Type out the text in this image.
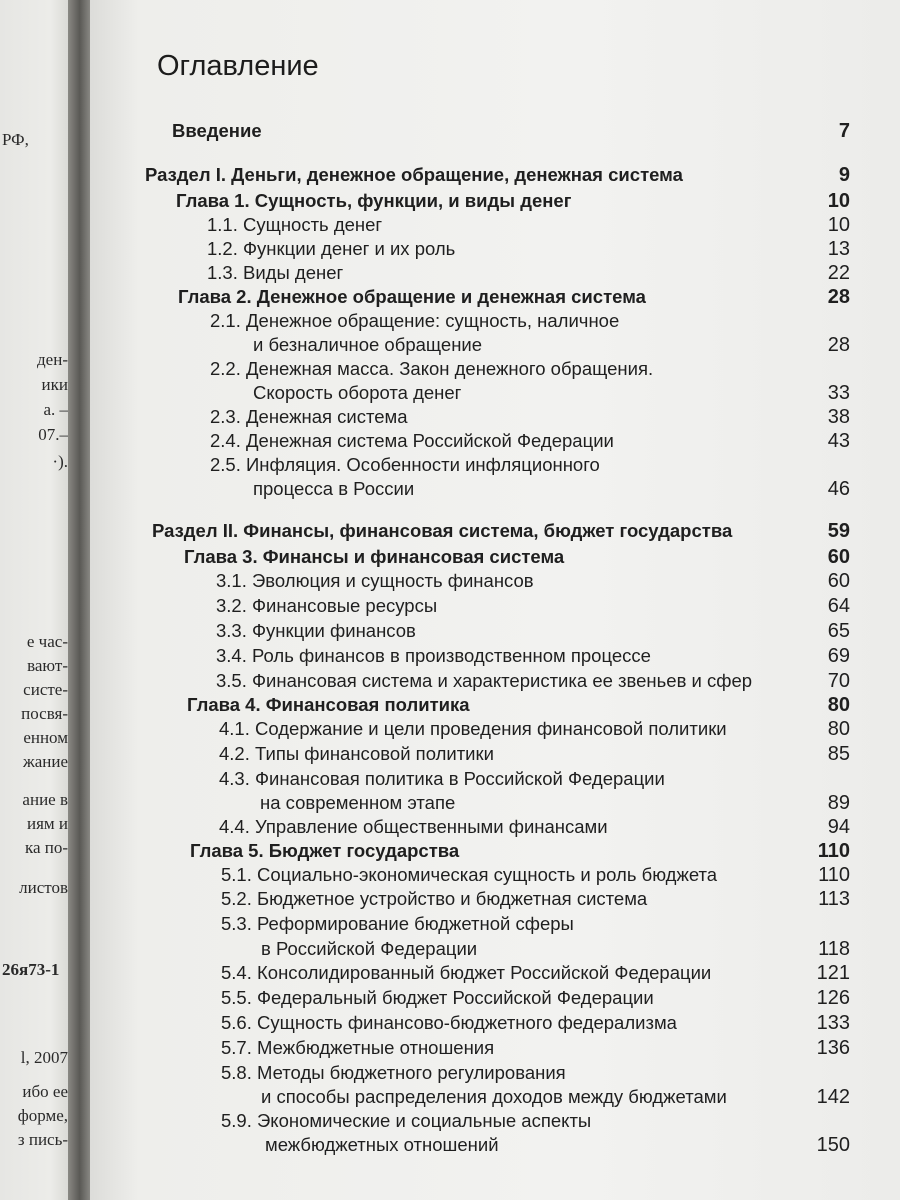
РФ,
ден-
ики
а. –
07.–
·).
е час-
вают-
систе-
посвя-
енном
жание
ание в
иям и
ка по-
листов
26я73-1
l, 2007
ибо ее
форме,
з пись-
Оглавление
Введение	7
Раздел I. Деньги, денежное обращение, денежная система	9
Глава 1. Сущность, функции, и виды денег	10
1.1. Сущность денег	10
1.2. Функции денег и их роль	13
1.3. Виды денег	22
Глава 2. Денежное обращение и денежная система	28
2.1. Денежное обращение: сущность, наличное
и безналичное обращение	28
2.2. Денежная масса. Закон денежного обращения.
Скорость оборота денег	33
2.3. Денежная система	38
2.4. Денежная система Российской Федерации	43
2.5. Инфляция. Особенности инфляционного
процесса в России	46
Раздел II. Финансы, финансовая система, бюджет государства	59
Глава 3. Финансы и финансовая система	60
3.1. Эволюция и сущность финансов	60
3.2. Финансовые ресурсы	64
3.3. Функции финансов	65
3.4. Роль финансов в производственном процессе	69
3.5. Финансовая система и характеристика ее звеньев и сфер	70
Глава 4. Финансовая политика	80
4.1. Содержание и цели проведения финансовой политики	80
4.2. Типы финансовой политики	85
4.3. Финансовая политика в Российской Федерации
на современном этапе	89
4.4. Управление общественными финансами	94
Глава 5. Бюджет государства	110
5.1. Социально-экономическая сущность и роль бюджета	110
5.2. Бюджетное устройство и бюджетная система	113
5.3. Реформирование бюджетной сферы
в Российской Федерации	118
5.4. Консолидированный бюджет Российской Федерации	121
5.5. Федеральный бюджет Российской Федерации	126
5.6. Сущность финансово-бюджетного федерализма	133
5.7. Межбюджетные отношения	136
5.8. Методы бюджетного регулирования
и способы распределения доходов между бюджетами	142
5.9. Экономические и социальные аспекты
межбюджетных отношений	150
